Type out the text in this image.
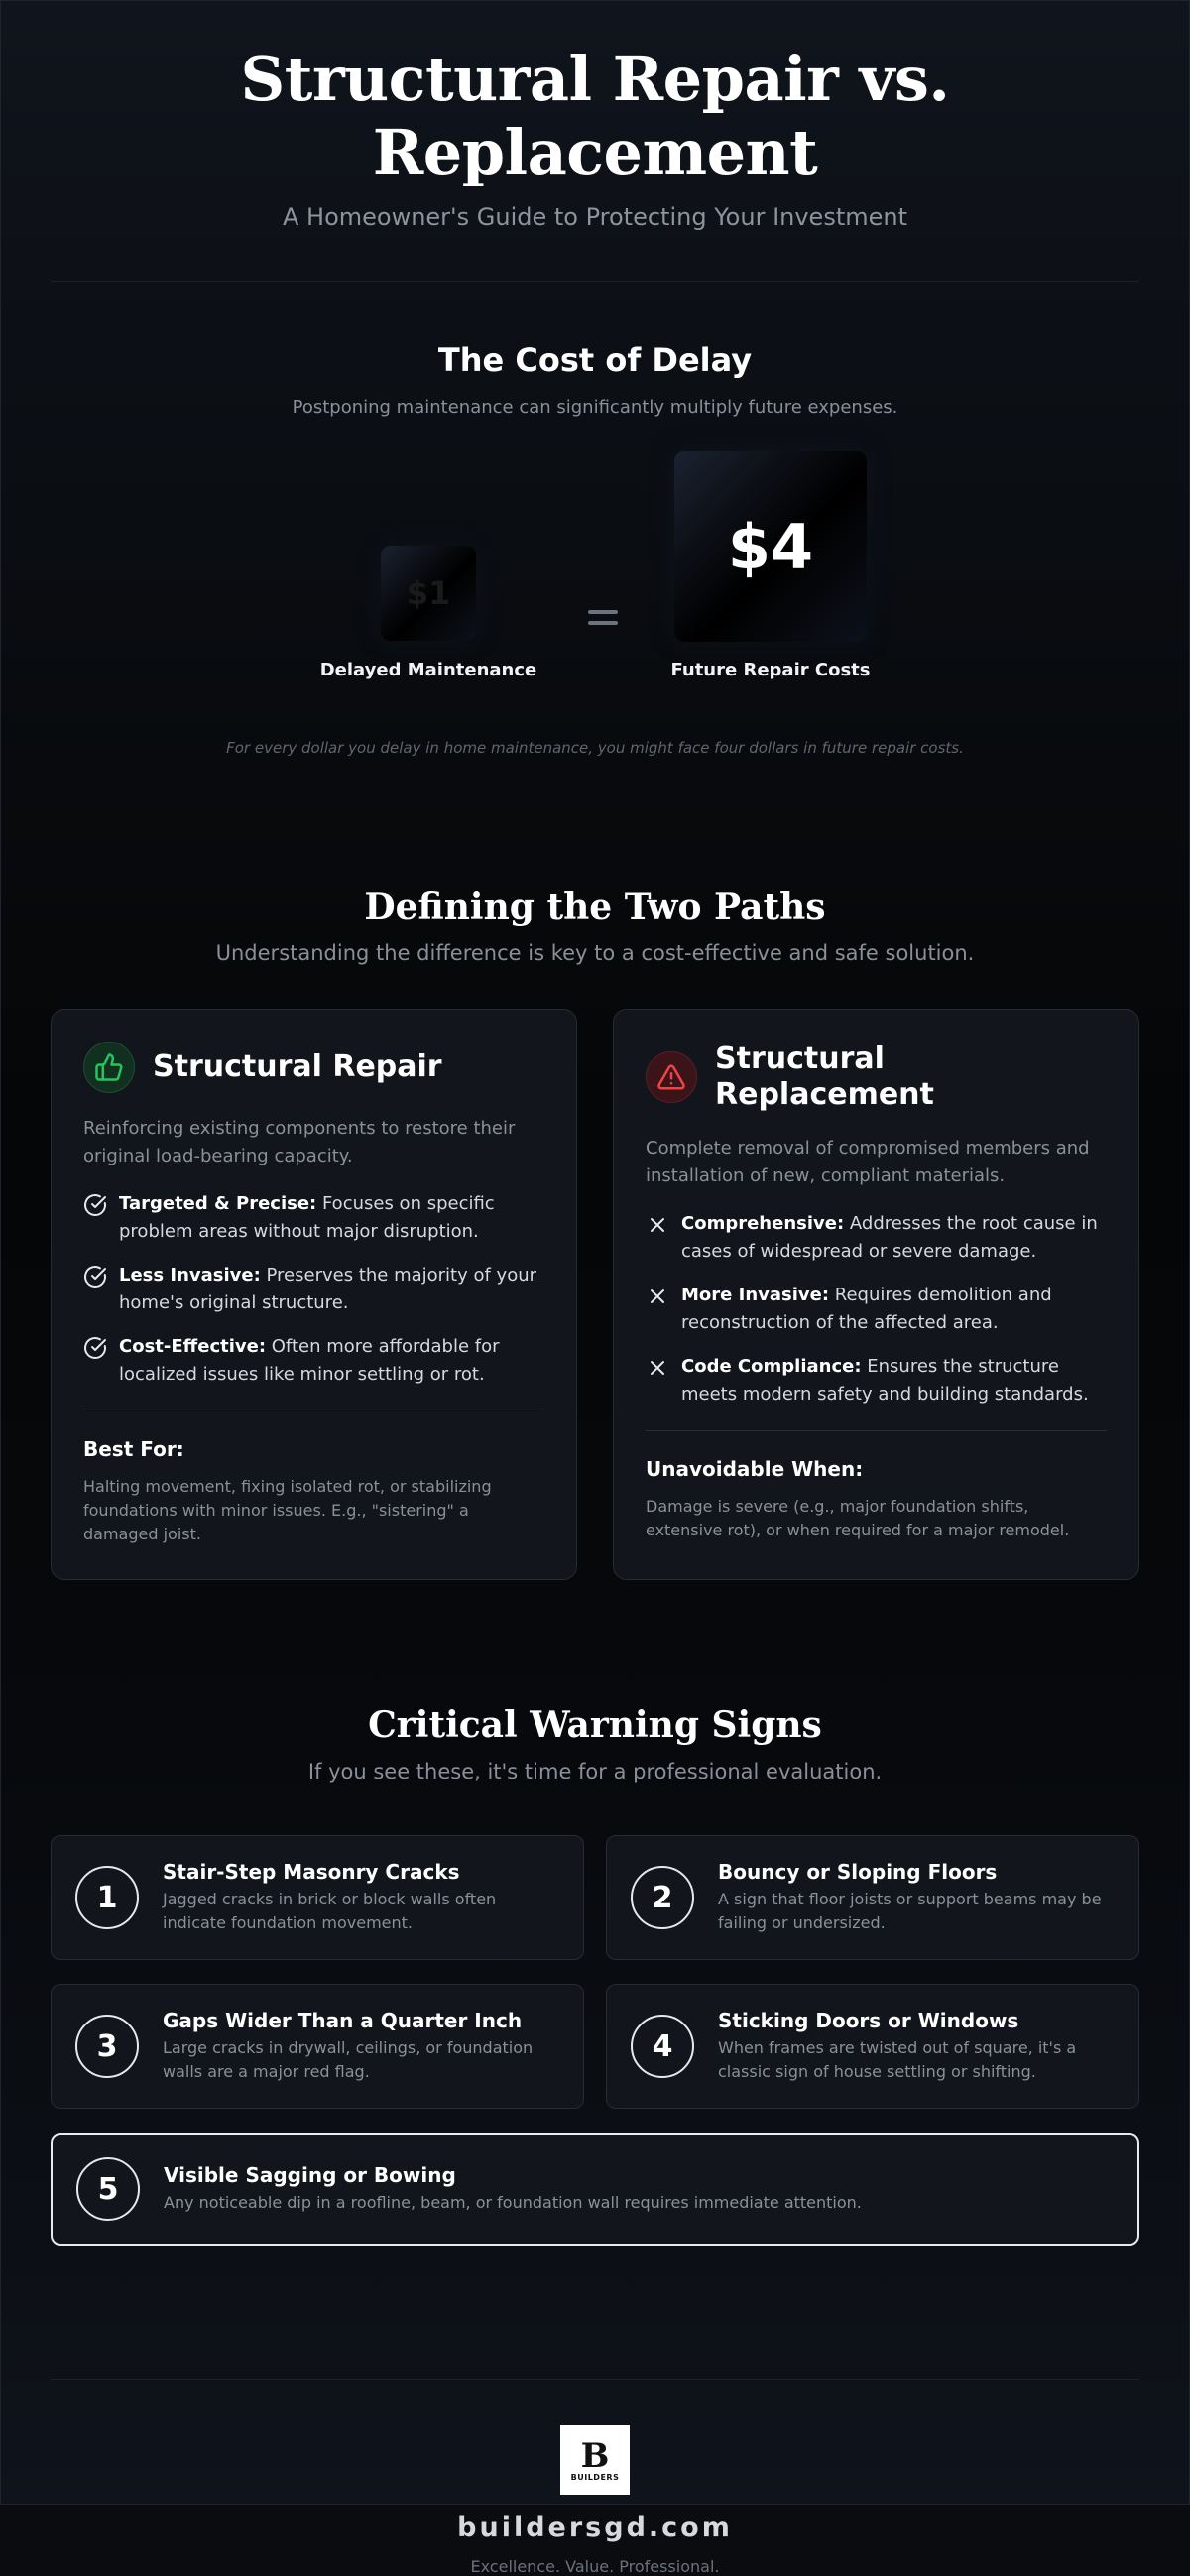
Structural Repair vs. Replacement
A Homeowner's Guide to Protecting Your Investment
The Cost of Delay
Postponing maintenance can significantly multiply future expenses.
$1
$4
Delayed Maintenance	Future Repair Costs
For every dollar you delay in home maintenance, you might face four dollars in future repair costs.
Defining the Two Paths
Understanding the difference is key to a cost-effective and safe solution.
Structural Repair
Reinforcing existing components to restore their original load-bearing capacity.
Targeted & Precise: Focuses on specific problem areas without major disruption.
Less Invasive: Preserves the majority of your home's original structure.
Cost-Effective: Often more affordable for localized issues like minor settling or rot.
Best For:
Halting movement, fixing isolated rot, or stabilizing foundations with minor issues. E.g., "sistering" a damaged joist.
Structural Replacement
Complete removal of compromised members and installation of new, compliant materials.
Comprehensive: Addresses the root cause in cases of widespread or severe damage.
More Invasive: Requires demolition and reconstruction of the affected area.
Code Compliance: Ensures the structure meets modern safety and building standards.
Unavoidable When:
Damage is severe (e.g., major foundation shifts, extensive rot), or when required for a major remodel.
Critical Warning Signs
If you see these, it's time for a professional evaluation.
1
Stair-Step Masonry Cracks
Jagged cracks in brick or block walls often indicate foundation movement.
2
Bouncy or Sloping Floors
A sign that floor joists or support beams may be failing or undersized.
3
Gaps Wider Than a Quarter Inch
Large cracks in drywall, ceilings, or foundation walls are a major red flag.
4
Sticking Doors or Windows
When frames are twisted out of square, it's a classic sign of house settling or shifting.
5	Visible Sagging or Bowing
Any noticeable dip in a roofline, beam, or foundation wall requires immediate attention.
B
BUILDERS
buildersgd.com
Excellence. Value. Professional.
